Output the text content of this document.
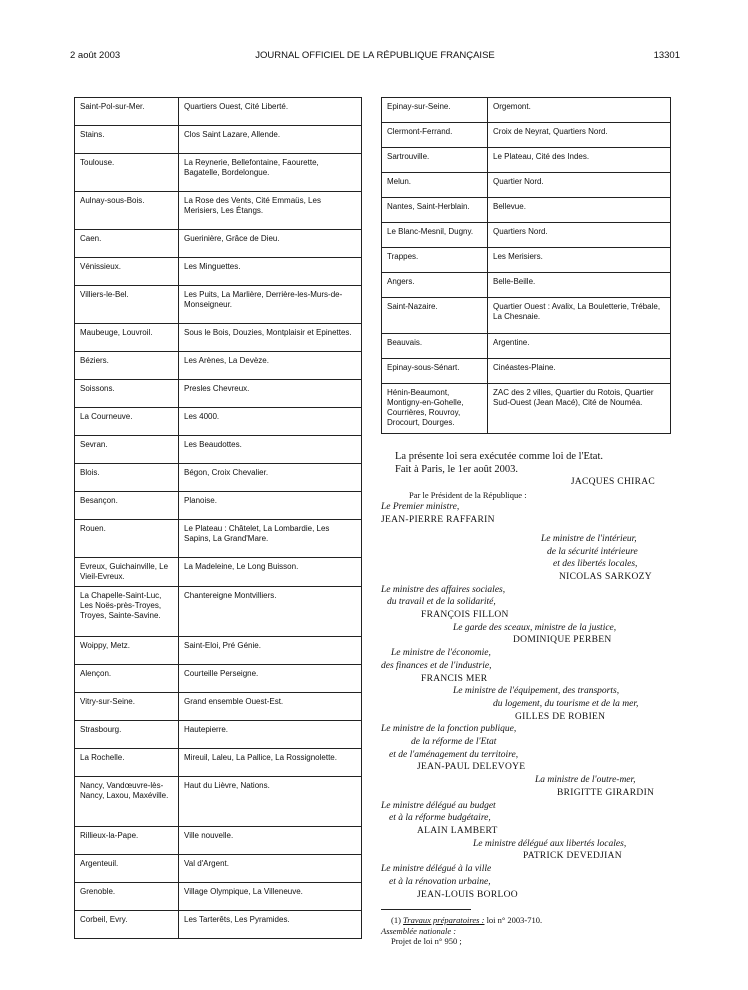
2 août 2003	JOURNAL OFFICIEL DE LA RÉPUBLIQUE FRANÇAISE	13301
Saint-Pol-sur-Mer.	Quartiers Ouest, Cité Liberté.
Stains.	Clos Saint Lazare, Allende.
Toulouse.	La Reynerie, Bellefontaine, Faourette, Bagatelle, Bordelongue.
Aulnay-sous-Bois.	La Rose des Vents, Cité Emmaüs, Les Merisiers, Les Étangs.
Caen.	Guerinière, Grâce de Dieu.
Vénissieux.	Les Minguettes.
Villiers-le-Bel.	Les Puits, La Marlière, Derrière-les-Murs-de-Monseigneur.
Maubeuge, Louvroil.	Sous le Bois, Douzies, Montplaisir et Epinettes.
Béziers.	Les Arènes, La Devèze.
Soissons.	Presles Chevreux.
La Courneuve.	Les 4000.
Sevran.	Les Beaudottes.
Blois.	Bégon, Croix Chevalier.
Besançon.	Planoise.
Rouen.	Le Plateau : Châtelet, La Lombardie, Les Sapins, La Grand'Mare.
Evreux, Guichainville, Le Vieil-Evreux.	La Madeleine, Le Long Buisson.
La Chapelle-Saint-Luc, Les Noës-près-Troyes, Troyes, Sainte-Savine.	Chantereigne Montvilliers.
Woippy, Metz.	Saint-Eloi, Pré Génie.
Alençon.	Courteille Perseigne.
Vitry-sur-Seine.	Grand ensemble Ouest-Est.
Strasbourg.	Hautepierre.
La Rochelle.	Mireuil, Laleu, La Pallice, La Rossignolette.
Nancy, Vandœuvre-lès-Nancy, Laxou, Maxéville.	Haut du Lièvre, Nations.
Rillieux-la-Pape.	Ville nouvelle.
Argenteuil.	Val d'Argent.
Grenoble.	Village Olympique, La Villeneuve.
Corbeil, Evry.	Les Tarterêts, Les Pyramides.
Epinay-sur-Seine.	Orgemont.
Clermont-Ferrand.	Croix de Neyrat, Quartiers Nord.
Sartrouville.	Le Plateau, Cité des Indes.
Melun.	Quartier Nord.
Nantes, Saint-Herblain.	Bellevue.
Le Blanc-Mesnil, Dugny.	Quartiers Nord.
Trappes.	Les Merisiers.
Angers.	Belle-Beille.
Saint-Nazaire.	Quartier Ouest : Avalix, La Bouletterie, Trébale, La Chesnaie.
Beauvais.	Argentine.
Epinay-sous-Sénart.	Cinéastes-Plaine.
Hénin-Beaumont, Montigny-en-Gohelle, Courrières, Rouvroy, Drocourt, Dourges.	ZAC des 2 villes, Quartier du Rotois, Quartier Sud-Ouest (Jean Macé), Cité de Nouméa.

La présente loi sera exécutée comme loi de l'Etat.

Fait à Paris, le 1er août 2003.

JACQUES CHIRAC

Par le Président de la République :

Le Premier ministre,

JEAN-PIERRE RAFFARIN

Le ministre de l'intérieur,

de la sécurité intérieure

et des libertés locales,

NICOLAS SARKOZY

Le ministre des affaires sociales,

du travail et de la solidarité,

FRANÇOIS FILLON

Le garde des sceaux, ministre de la justice,

DOMINIQUE PERBEN

Le ministre de l'économie,

des finances et de l'industrie,

FRANCIS MER

Le ministre de l'équipement, des transports,

du logement, du tourisme et de la mer,

GILLES DE ROBIEN

Le ministre de la fonction publique,

de la réforme de l'Etat

et de l'aménagement du territoire,

JEAN-PAUL DELEVOYE

La ministre de l'outre-mer,

BRIGITTE GIRARDIN

Le ministre délégué au budget

et à la réforme budgétaire,

ALAIN LAMBERT

Le ministre délégué aux libertés locales,

PATRICK DEVEDJIAN

Le ministre délégué à la ville

et à la rénovation urbaine,

JEAN-LOUIS BORLOO

(1) Travaux préparatoires : loi n° 2003-710.

Assemblée nationale :

Projet de loi n° 950 ;
